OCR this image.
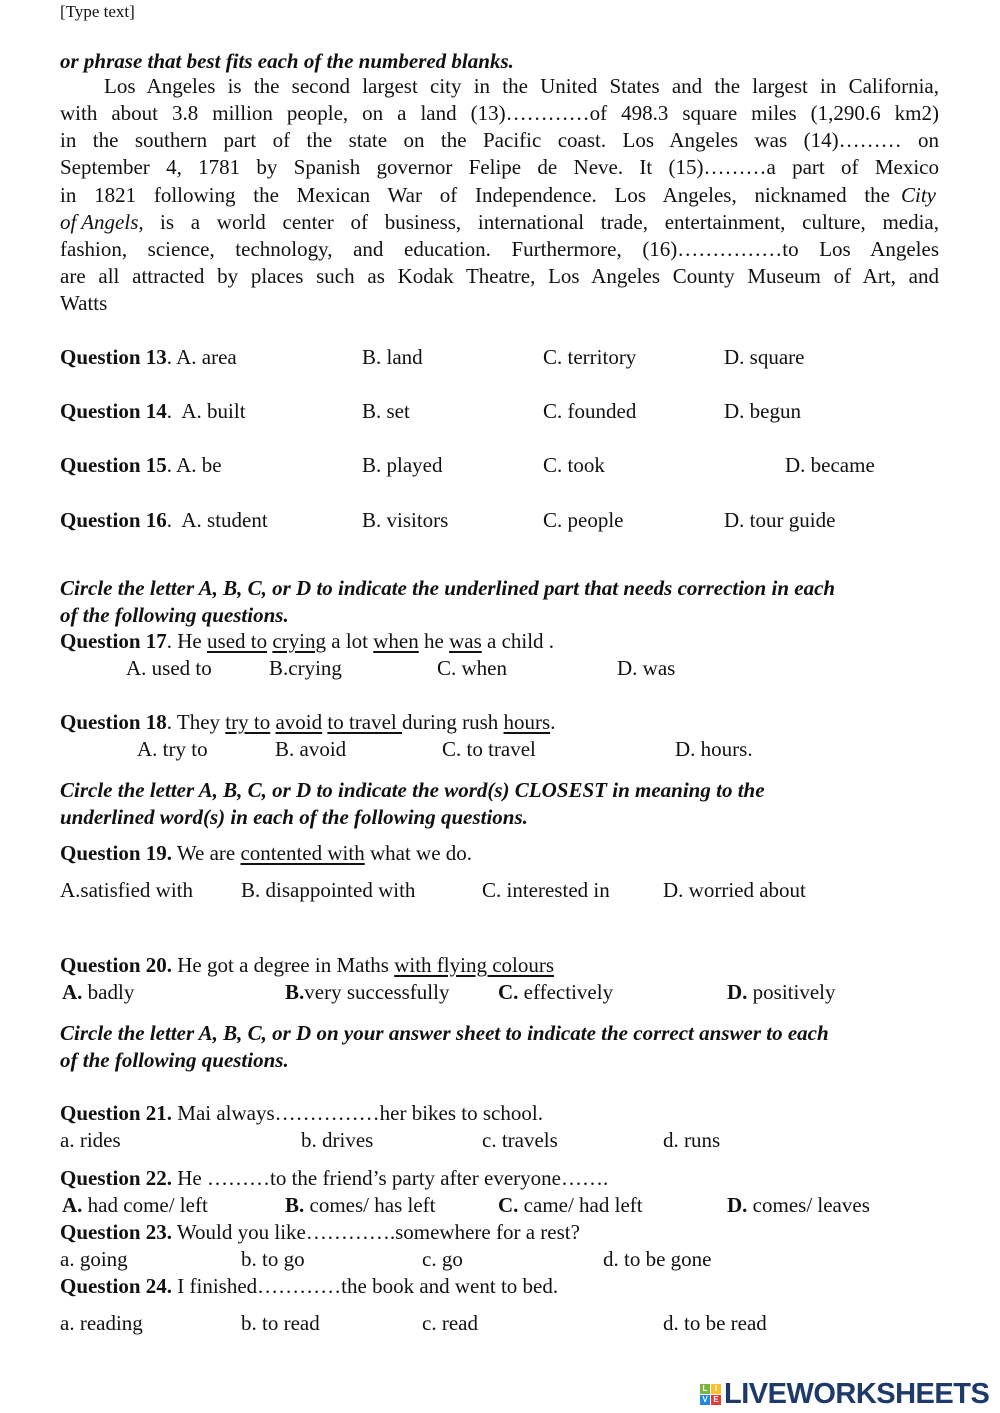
[Type text]
or phrase that best fits each of the numbered blanks.
Los Angeles is the second largest city in the United States and the largest in California,
with about 3.8 million people, on a land (13)…………of 498.3 square miles (1,290.6 km2)
in the southern part of the state on the Pacific coast. Los Angeles was (14)……… on
September 4, 1781 by Spanish governor Felipe de Neve. It (15)………a part of Mexico
in 1821 following the Mexican War of Independence. Los Angeles, nicknamed the City
of Angels, is a world center of business, international trade, entertainment, culture, media,
fashion, science, technology, and education. Furthermore, (16)……………to Los Angeles
are all attracted by places such as Kodak Theatre, Los Angeles County Museum of Art, and
Watts
Question 13. A. area	B. land	C. territory	D. square
Question 14.  A. built	B. set	C. founded	D. begun
Question 15. A. be	B. played	C. took	D. became
Question 16.  A. student	B. visitors	C. people	D. tour guide
Circle the letter A, B, C, or D to indicate the underlined part that needs correction in each
of the following questions.
Question 17. He used to crying a lot when he was a child .
A. used to	B.crying	C. when	D. was
Question 18. They try to avoid to travel during rush hours.
A. try to	B. avoid	C. to travel	D. hours.
Circle the letter A, B, C, or D to indicate the word(s) CLOSEST in meaning to the
underlined word(s) in each of the following questions.
Question 19. We are contented with what we do.
A.satisfied with B. disappointed with	C. interested in	D. worried about
Question 20. He got a degree in Maths with flying colours
A. badly	B.very successfully C. effectively	D. positively
Circle the letter A, B, C, or D on your answer sheet to indicate the correct answer to each
of the following questions.
Question 21. Mai always……………her bikes to school.
a. rides	b. drives	c. travels	d. runs
Question 22. He ………to the friend’s party after everyone…….
A. had come/ left	B. comes/ has left	C. came/ had left	D. comes/ leaves
Question 23. Would you like………….somewhere for a rest?
a. going	b. to go	c. go	d. to be gone
Question 24. I finished…………the book and went to bed.
a. reading	b. to read	c. read	d. to be read
L I
V E LIVEWORKSHEETS
